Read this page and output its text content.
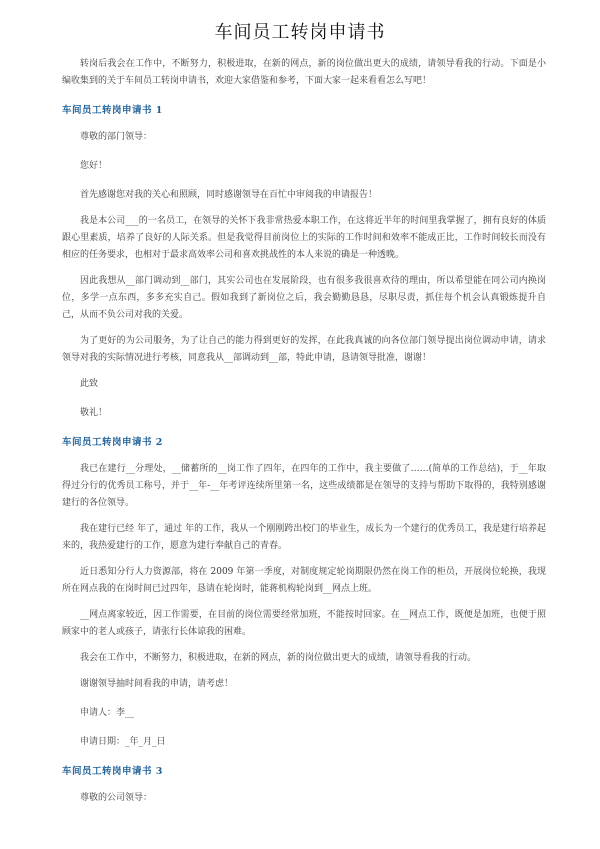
车间员工转岗申请书

转岗后我会在工作中，不断努力，积极进取，在新的网点，新的岗位做出更大的成绩，请领导看我的行动。下面是小编收集到的关于车间员工转岗申请书，欢迎大家借鉴和参考，下面大家一起来看看怎么写吧！

车间员工转岗申请书 1

尊敬的部门领导：

您好！

首先感谢您对我的关心和照顾，同时感谢领导在百忙中审阅我的申请报告！

我是本公司___的一名员工，在领导的关怀下我非常热爱本职工作，在这将近半年的时间里我掌握了，拥有良好的体质跟心里素质，培养了良好的人际关系。但是我觉得目前岗位上的实际的工作时间和效率不能成正比，工作时间较长而没有相应的任务要求，也相对于最求高效率公司和喜欢挑战性的本人来说的确是一种透晚。

因此我想从__部门调动到__部门，其实公司也在发展阶段，也有很多我很喜欢待的理由，所以希望能在同公司内换岗位，多学一点东西，多多充实自己。假如我到了新岗位之后，我会勤勤恳恳，尽职尽责，抓住每个机会认真锻炼提升自己，从而不负公司对我的关爱。

为了更好的为公司服务，为了让自己的能力得到更好的发挥，在此我真诚的向各位部门领导提出岗位调动申请，请求领导对我的实际情况进行考核，同意我从__部调动到__部，特此申请，恳请领导批准，谢谢！

此致

敬礼！

车间员工转岗申请书 2

我已在建行__分理处，__储蓄所的__岗工作了四年，在四年的工作中，我主要做了……(简单的工作总结)，于__年取得过分行的优秀员工称号，并于__年-__年考评连续所里第一名，这些成绩都是在领导的支持与帮助下取得的，我特别感谢建行的各位领导。

我在建行已经 年了，通过 年的工作，我从一个刚刚跨出校门的毕业生，成长为一个建行的优秀员工，我是建行培养起来的，我热爱建行的工作，愿意为建行奉献自己的青春。

近日悉知分行人力资源部，将在 2009 年第一季度，对制度规定轮岗期限仍然在岗工作的柜员，开展岗位轮换，我现所在网点我的在岗时间已过四年，恳请在轮岗时，能蒋机构轮岗到__网点上班。

__网点离家较近，因工作需要，在目前的岗位需要经常加班，不能按时回家。在__网点工作，既便是加班，也便于照顾家中的老人或孩子，请张行长体谅我的困难。

我会在工作中，不断努力，积极进取，在新的网点，新的岗位做出更大的成绩，请领导看我的行动。

谢谢领导抽时间看我的申请，请考虑！

申请人：李__

申请日期：_年_月_日

车间员工转岗申请书 3

尊敬的公司领导：
